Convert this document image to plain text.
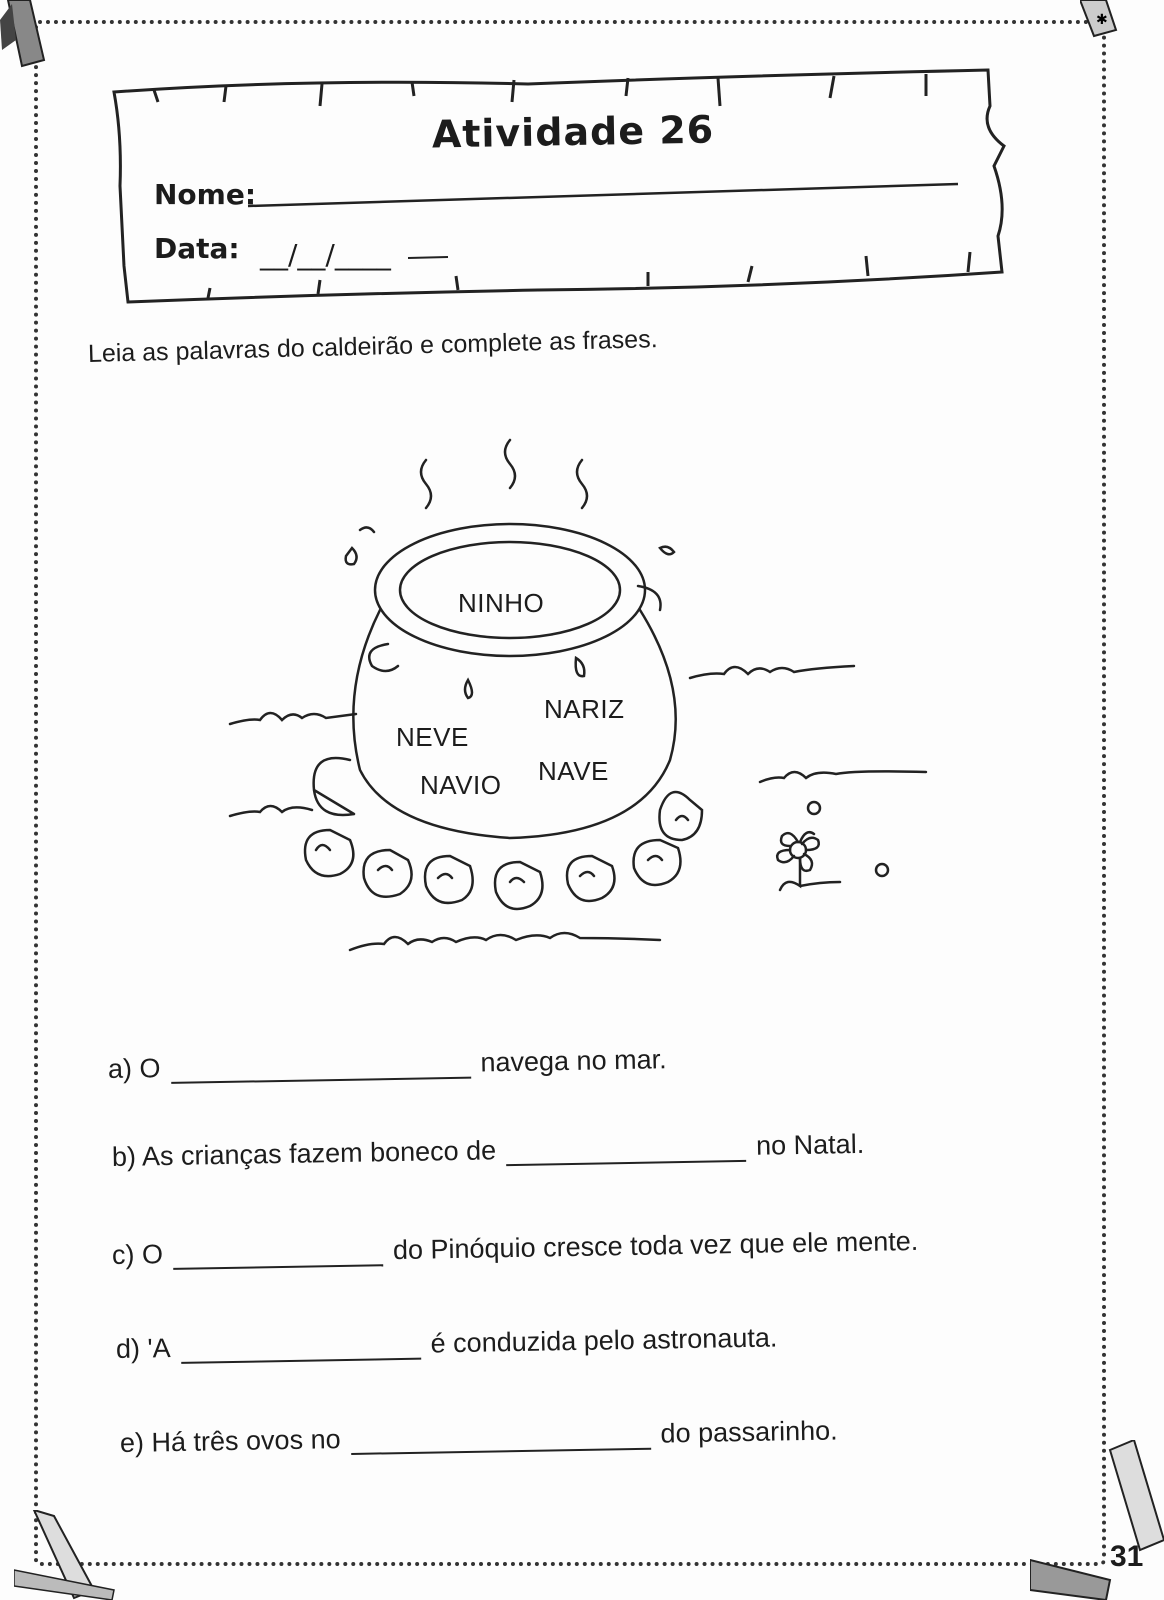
✱
Atividade 26
Nome:
Data: __/__/____
Leia as palavras do caldeirão e complete as frases.
NINHO
NARIZ
NEVE
NAVE
NAVIO
a) O	navega no mar.
b) As crianças fazem boneco de	no Natal.
c) O	do Pinóquio cresce toda vez que ele mente.
d) 'A	é conduzida pelo astronauta.
e) Há três ovos no	do passarinho.
31
